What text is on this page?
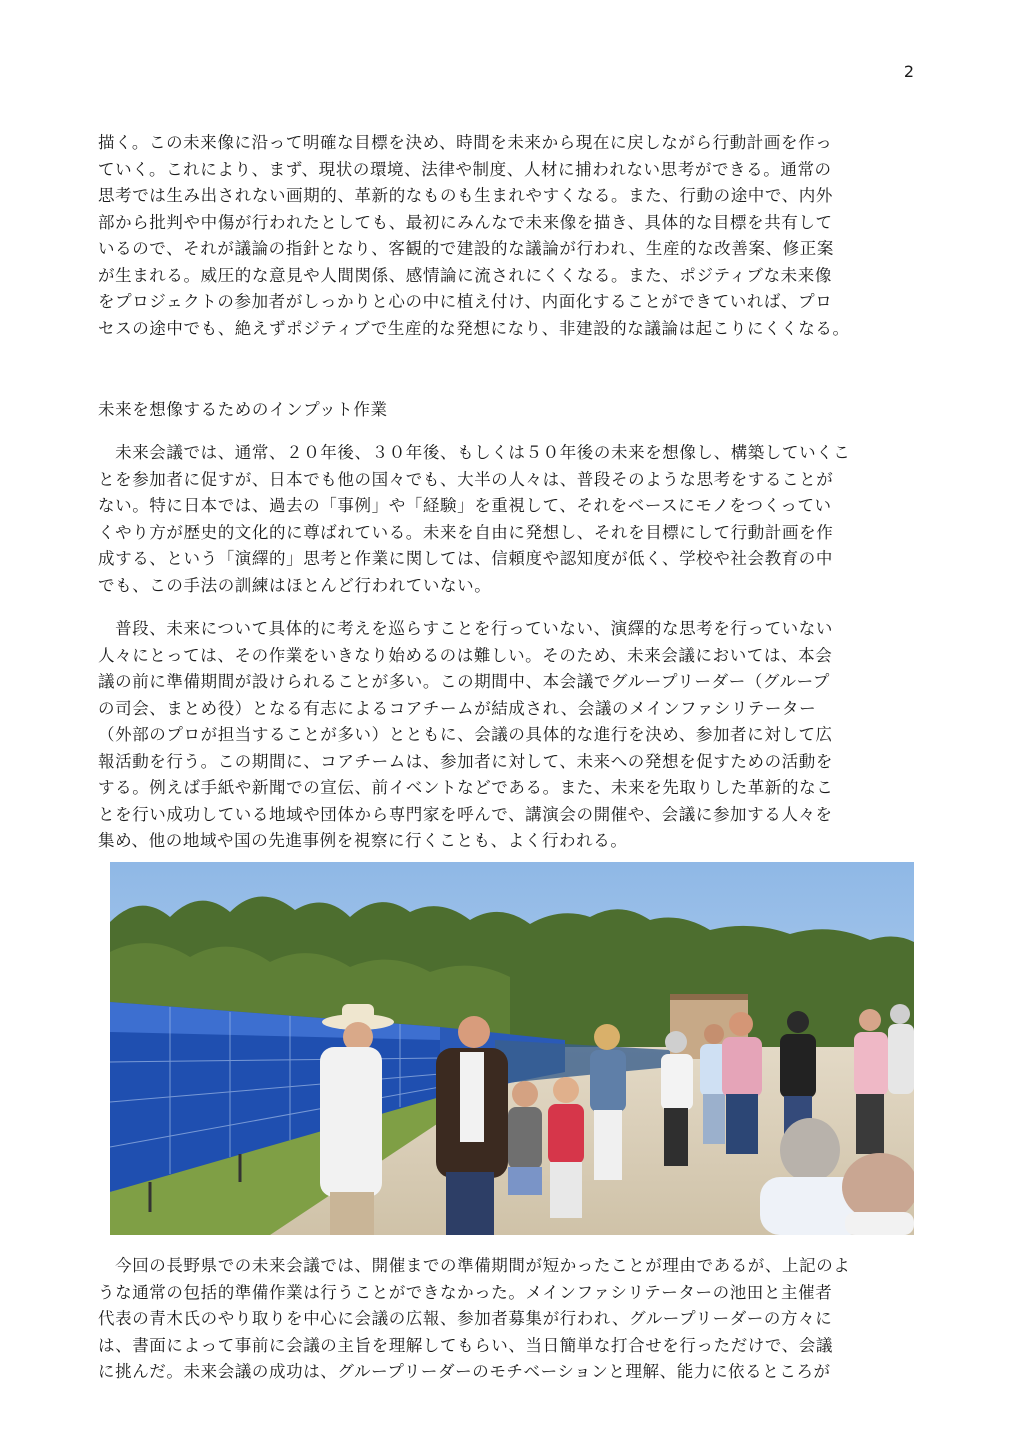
2
描く。この未来像に沿って明確な目標を決め、時間を未来から現在に戻しながら行動計画を作っ
ていく。これにより、まず、現状の環境、法律や制度、人材に捕われない思考ができる。通常の
思考では生み出されない画期的、革新的なものも生まれやすくなる。また、行動の途中で、内外
部から批判や中傷が行われたとしても、最初にみんなで未来像を描き、具体的な目標を共有して
いるので、それが議論の指針となり、客観的で建設的な議論が行われ、生産的な改善案、修正案
が生まれる。威圧的な意見や人間関係、感情論に流されにくくなる。また、ポジティブな未来像
をプロジェクトの参加者がしっかりと心の中に植え付け、内面化することができていれば、プロ
セスの途中でも、絶えずポジティブで生産的な発想になり、非建設的な議論は起こりにくくなる。
未来を想像するためのインプット作業
　未来会議では、通常、２０年後、３０年後、もしくは５０年後の未来を想像し、構築していくこ
とを参加者に促すが、日本でも他の国々でも、大半の人々は、普段そのような思考をすることが
ない。特に日本では、過去の「事例」や「経験」を重視して、それをベースにモノをつくってい
くやり方が歴史的文化的に尊ばれている。未来を自由に発想し、それを目標にして行動計画を作
成する、という「演繹的」思考と作業に関しては、信頼度や認知度が低く、学校や社会教育の中
でも、この手法の訓練はほとんど行われていない。
　普段、未来について具体的に考えを巡らすことを行っていない、演繹的な思考を行っていない
人々にとっては、その作業をいきなり始めるのは難しい。そのため、未来会議においては、本会
議の前に準備期間が設けられることが多い。この期間中、本会議でグループリーダー（グループ
の司会、まとめ役）となる有志によるコアチームが結成され、会議のメインファシリテーター
（外部のプロが担当することが多い）とともに、会議の具体的な進行を決め、参加者に対して広
報活動を行う。この期間に、コアチームは、参加者に対して、未来への発想を促すための活動を
する。例えば手紙や新聞での宣伝、前イベントなどである。また、未来を先取りした革新的なこ
とを行い成功している地域や団体から専門家を呼んで、講演会の開催や、会議に参加する人々を
集め、他の地域や国の先進事例を視察に行くことも、よく行われる。
　今回の長野県での未来会議では、開催までの準備期間が短かったことが理由であるが、上記のよ
うな通常の包括的準備作業は行うことができなかった。メインファシリテーターの池田と主催者
代表の青木氏のやり取りを中心に会議の広報、参加者募集が行われ、グループリーダーの方々に
は、書面によって事前に会議の主旨を理解してもらい、当日簡単な打合せを行っただけで、会議
に挑んだ。未来会議の成功は、グループリーダーのモチベーションと理解、能力に依るところが
